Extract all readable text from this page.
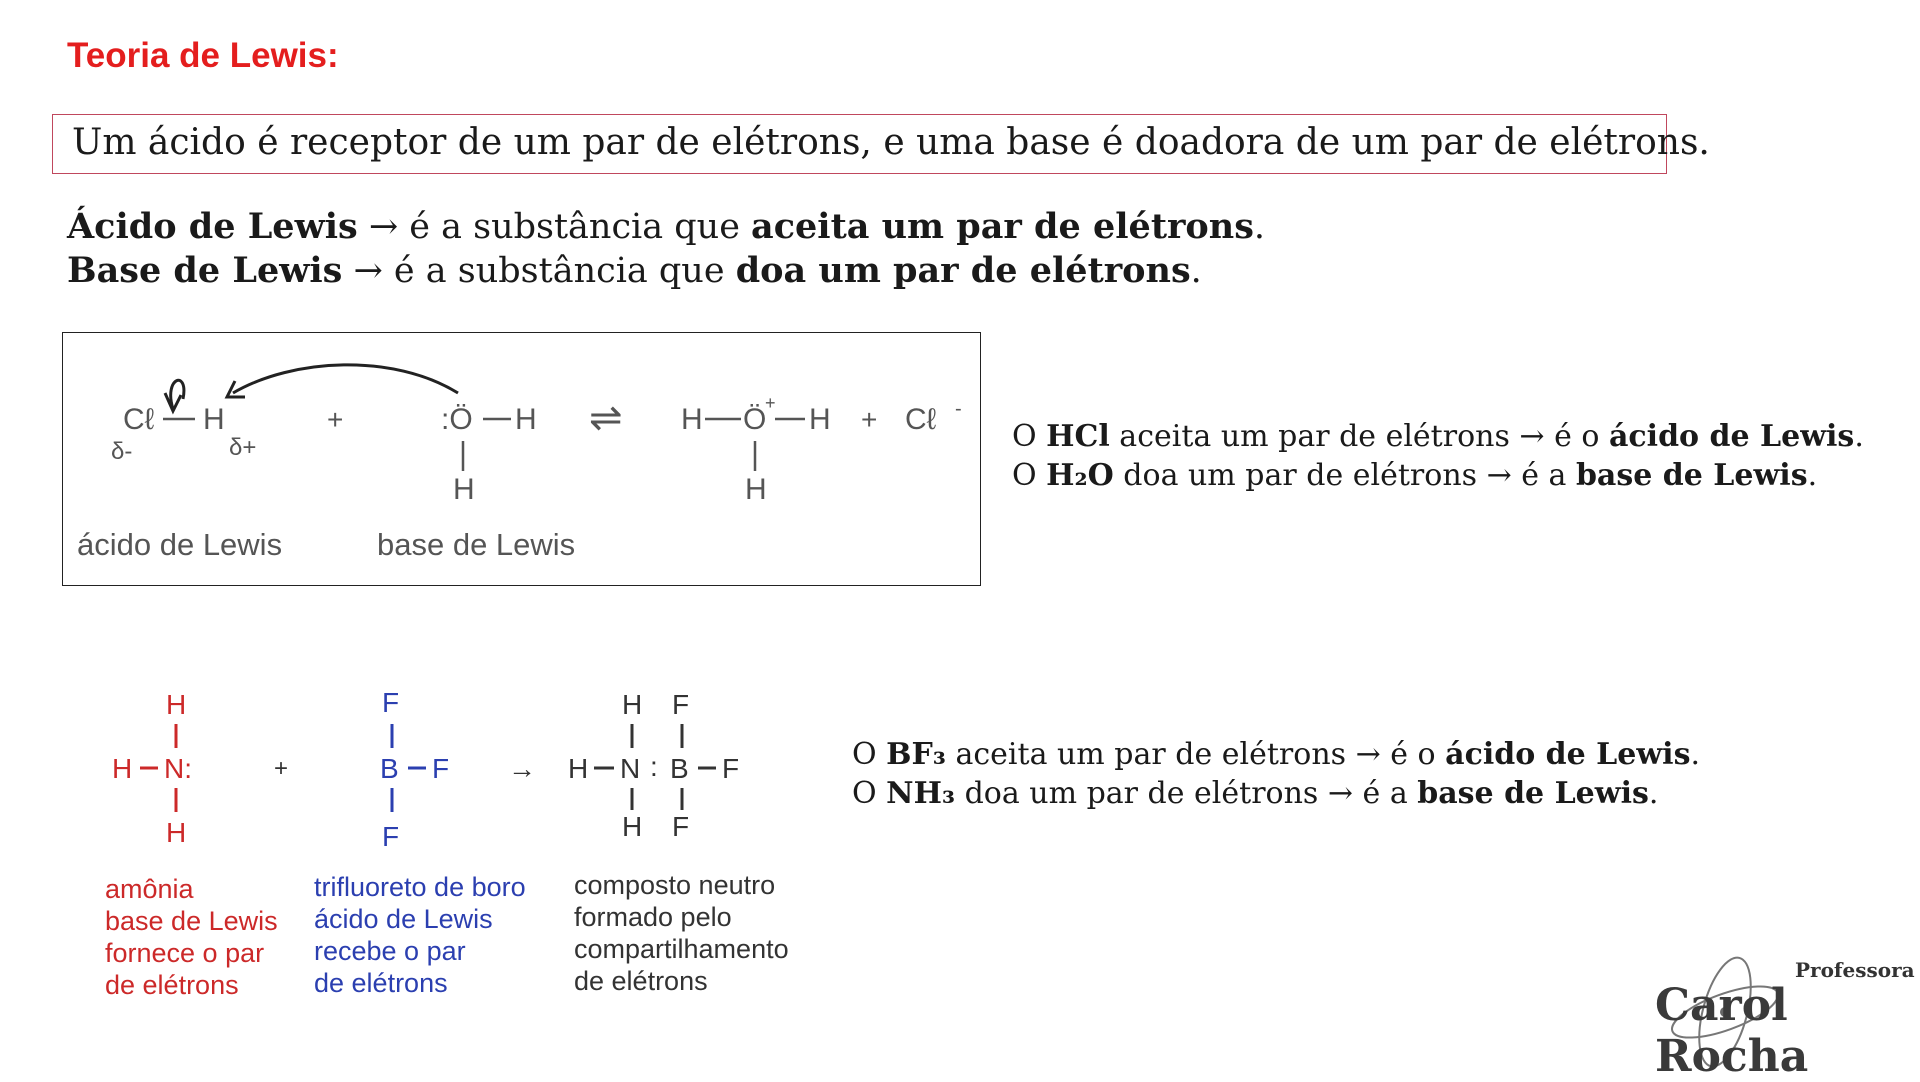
Teoria de Lewis:
Um ácido é receptor de um par de elétrons, e uma base é doadora de um par de elétrons.
Ácido de Lewis → é a substância que aceita um par de elétrons.
Base de Lewis → é a substância que doa um par de elétrons.
Cℓ H
δ-	δ+
+	:Ö H
H
⇌ H Ö
+ H
H
+ Cℓ -
ácido de Lewis	base de Lewis
O HCl aceita um par de elétrons → é o ácido de Lewis.
O H₂O doa um par de elétrons → é a base de Lewis.
H
H N:
H
+
F
B F
F
→
H F
H N : B F
H F
amônia
base de Lewis
fornece o par
de elétrons
trifluoreto de boro
ácido de Lewis
recebe o par
de elétrons
composto neutro
formado pelo
compartilhamento
de elétrons
O BF₃ aceita um par de elétrons → é o ácido de Lewis.
O NH₃ doa um par de elétrons → é a base de Lewis.
Professora
Carol Rocha
